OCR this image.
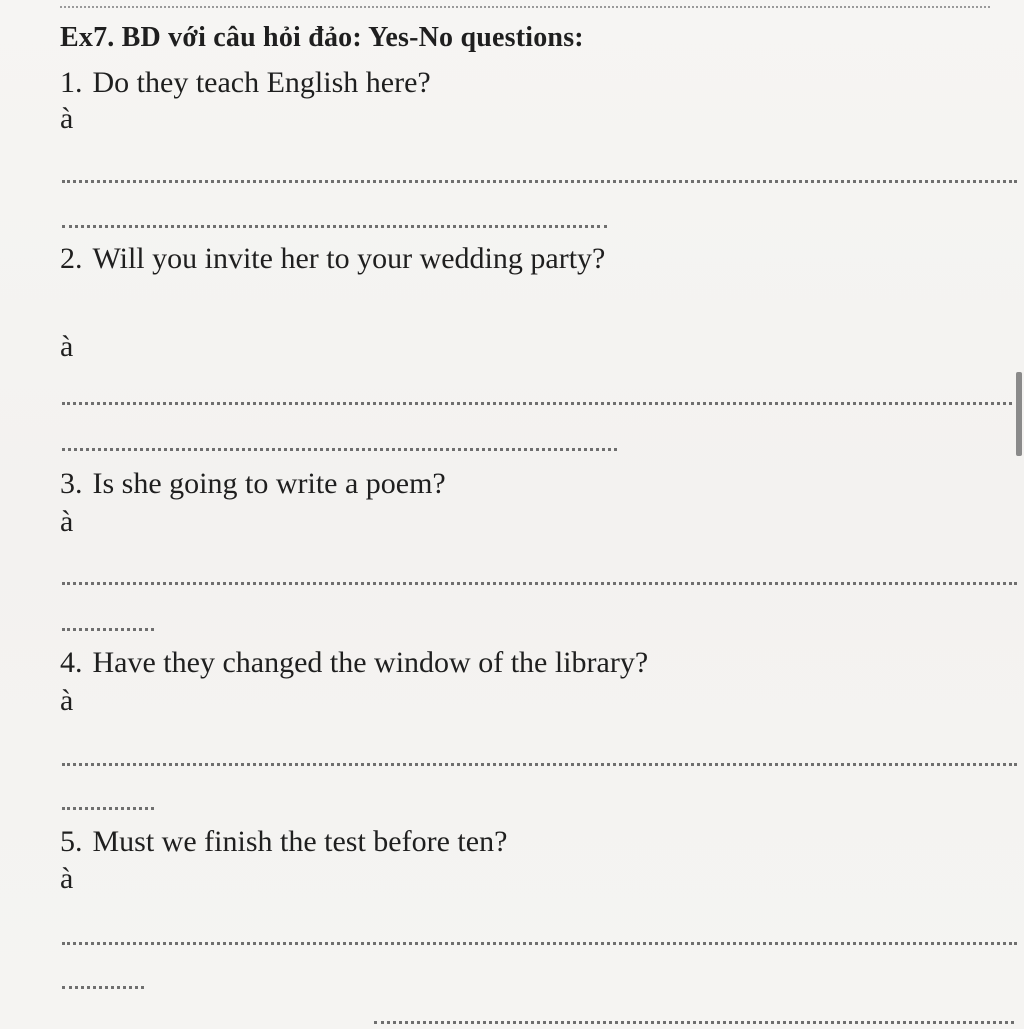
Ex7. BD với câu hỏi đảo: Yes-No questions:
1. Do they teach English here?
à
2. Will you invite her to your wedding party?
à
3. Is she going to write a poem?
à
4. Have they changed the window of the library?
à
5. Must we finish the test before ten?
à
